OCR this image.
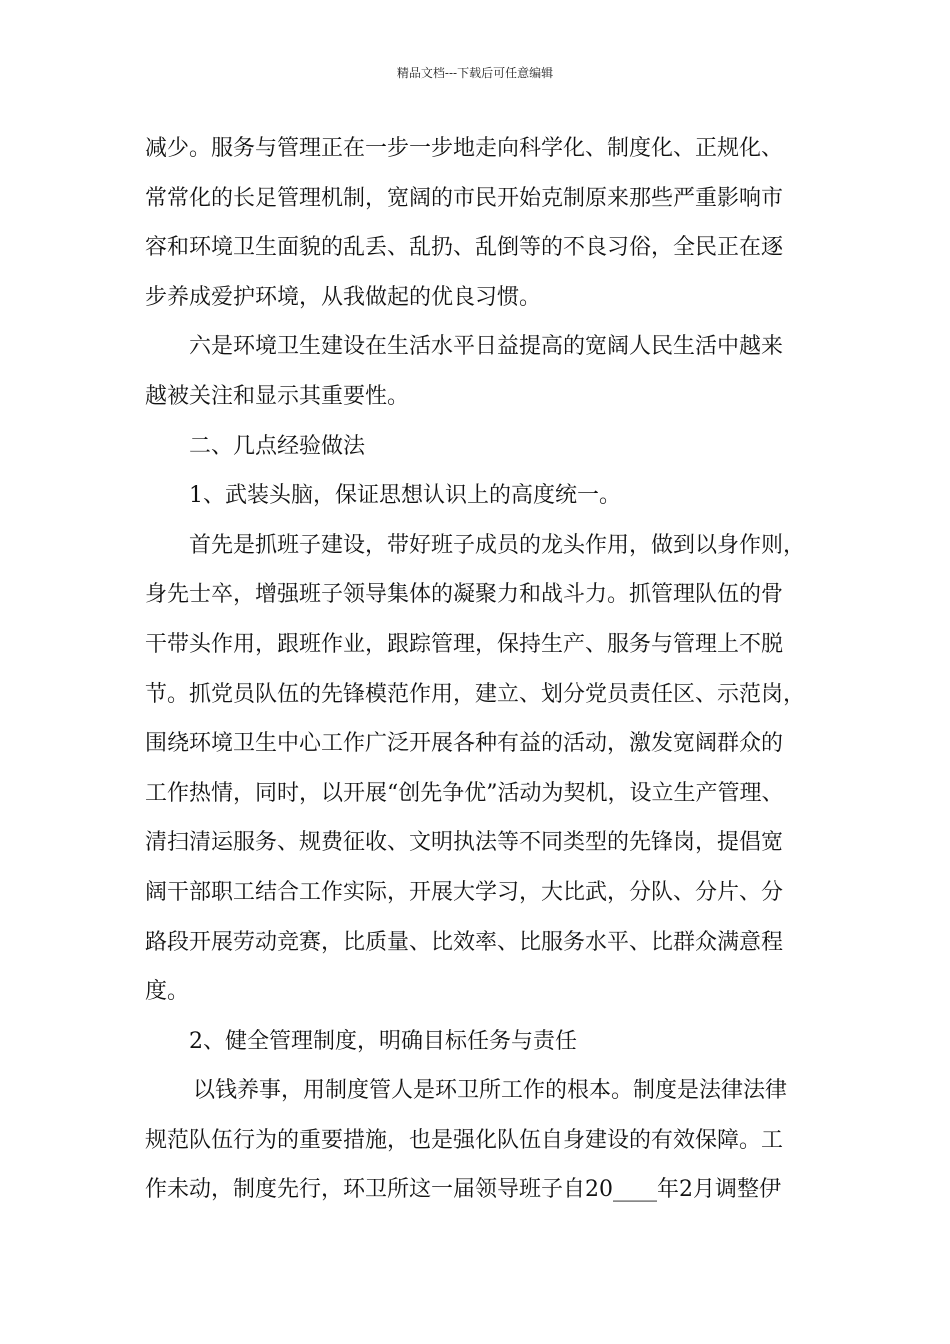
精品文档---下载后可任意编辑
减少。服务与管理正在一步一步地走向科学化、制度化、正规化、
常常化的长足管理机制，宽阔的市民开始克制原来那些严重影响市
容和环境卫生面貌的乱丢、乱扔、乱倒等的不良习俗，全民正在逐
步养成爱护环境，从我做起的优良习惯。
六是环境卫生建设在生活水平日益提高的宽阔人民生活中越来
越被关注和显示其重要性。
二、几点经验做法
1、武装头脑，保证思想认识上的高度统一。
首先是抓班子建设，带好班子成员的龙头作用，做到以身作则，
身先士卒，增强班子领导集体的凝聚力和战斗力。抓管理队伍的骨
干带头作用，跟班作业，跟踪管理，保持生产、服务与管理上不脱
节。抓党员队伍的先锋模范作用，建立、划分党员责任区、示范岗，
围绕环境卫生中心工作广泛开展各种有益的活动，激发宽阔群众的
工作热情，同时，以开展“创先争优”活动为契机，设立生产管理、
清扫清运服务、规费征收、文明执法等不同类型的先锋岗，提倡宽
阔干部职工结合工作实际，开展大学习，大比武，分队、分片、分
路段开展劳动竞赛，比质量、比效率、比服务水平、比群众满意程
度。
2、健全管理制度，明确目标任务与责任
以钱养事，用制度管人是环卫所工作的根本。制度是法律法律
规范队伍行为的重要措施，也是强化队伍自身建设的有效保障。工
作未动，制度先行，环卫所这一届领导班子自20____年2月调整伊
